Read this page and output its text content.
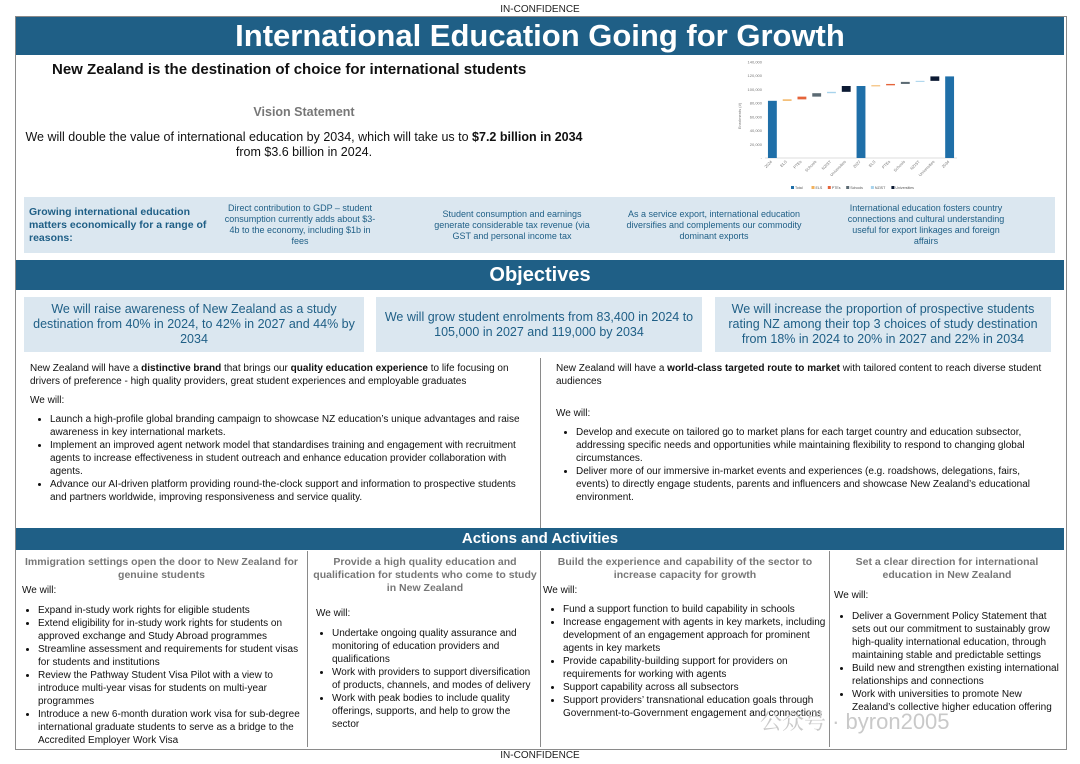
IN-CONFIDENCE
International Education Going for Growth
New Zealand is the destination of choice for international students
Vision Statement
We will double the value of international education by 2034, which will take us to $7.2 billion in 2034
from $3.6 billion in 2024.	-
20,000
40,000
60,000
80,000
100,000
120,000
140,000
2024 ELS PTEs Schools NZIST
Universities 2027 ELS PTEs Schools NZIST
Universities 2034
Total	ELS	PTEs	Schools	NZIST	Universities
Enrolments (#)
Growing international education matters economically for a range of reasons:
Direct contribution to GDP – student consumption currently adds about $3-4b to the economy, including $1b in fees
Student consumption and earnings generate considerable tax revenue (via GST and personal income tax
As a service export, international education diversifies and complements our commodity dominant exports
International education fosters country connections and cultural understanding useful for export linkages and foreign affairs
Objectives
We will raise awareness of New Zealand as a study destination from 40% in 2024, to 42% in 2027 and 44% by 2034
We will grow student enrolments from 83,400 in 2024 to 105,000 in 2027 and 119,000 by 2034
We will increase the proportion of prospective students rating NZ among their top 3 choices of study destination from 18% in 2024 to 20% in 2027 and 22% in 2034
New Zealand will have a distinctive brand that brings our quality education experience to life focusing on drivers of preference - high quality providers, great student experiences and employable graduates
We will:
• Launch a high-profile global branding campaign to showcase NZ education’s unique advantages and raise awareness in key international markets.
• Implement an improved agent network model that standardises training and engagement with recruitment agents to increase effectiveness in student outreach and enhance education provider collaboration with agents.
• Advance our AI-driven platform providing round-the-clock support and information to prospective students and partners worldwide, improving responsiveness and service quality.
New Zealand will have a world-class targeted route to market with tailored content to reach diverse student audiences
We will:
• Develop and execute on tailored go to market plans for each target country and education subsector, addressing specific needs and opportunities while maintaining flexibility to respond to changing global circumstances.
• Deliver more of our immersive in-market events and experiences (e.g. roadshows, delegations, fairs, events) to directly engage students, parents and influencers and showcase New Zealand’s educational environment.
Actions and Activities
Immigration settings open the door to New Zealand for genuine students
We will:
• Expand in-study work rights for eligible students
• Extend eligibility for in-study work rights for students on approved exchange and Study Abroad programmes
• Streamline assessment and requirements for student visas for students and institutions
• Review the Pathway Student Visa Pilot with a view to introduce multi-year visas for students on multi-year programmes
• Introduce a new 6-month duration work visa for sub-degree international graduate students to serve as a bridge to the Accredited Employer Work Visa
Provide a high quality education and qualification for students who come to study in New Zealand
We will:
• Undertake ongoing quality assurance and monitoring of education providers and qualifications
• Work with providers to support diversification of products, channels, and modes of delivery
• Work with peak bodies to include quality offerings, supports, and help to grow the sector
Build the experience and capability of the sector to increase capacity for growth
We will:
• Fund a support function to build capability in schools
• Increase engagement with agents in key markets, including development of an engagement approach for prominent agents in key markets
• Provide capability-building support for providers on requirements for working with agents
• Support capability across all subsectors
• Support providers’ transnational education goals through Government-to-Government engagement and connections
Set a clear direction for international education in New Zealand
We will:
• Deliver a Government Policy Statement that sets out our commitment to sustainably grow high-quality international education, through maintaining stable and predictable settings
• Build new and strengthen existing international relationships and connections
• Work with universities to promote New Zealand’s collective higher education offering
公众号 · byron2005
IN-CONFIDENCE
